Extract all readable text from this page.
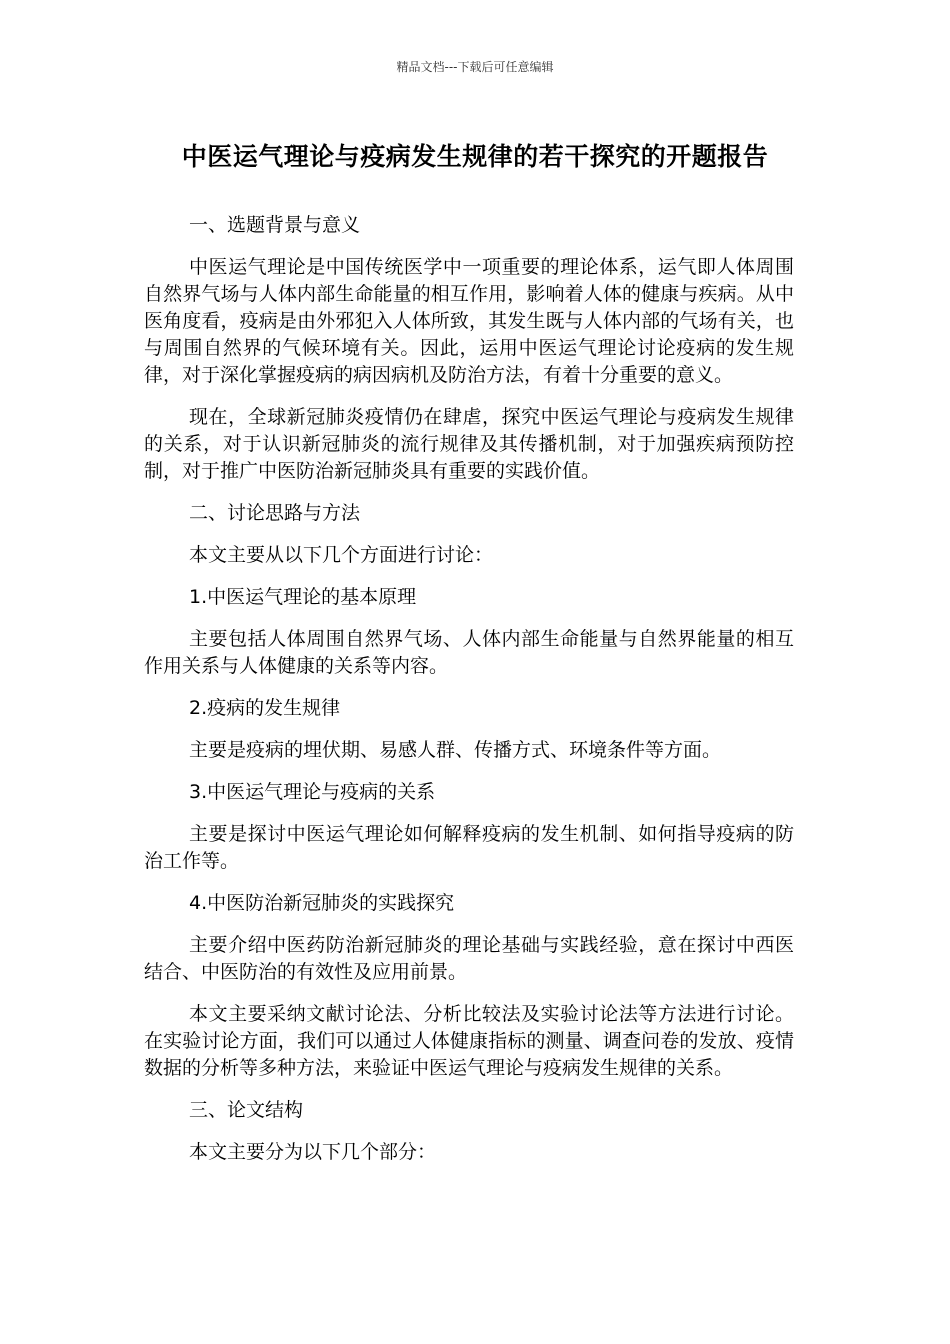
精品文档---下载后可任意编辑
中医运气理论与疫病发生规律的若干探究的开题报告

一、选题背景与意义

中医运气理论是中国传统医学中一项重要的理论体系，运气即人体周围自然界气场与人体内部生命能量的相互作用，影响着人体的健康与疾病。从中医角度看，疫病是由外邪犯入人体所致，其发生既与人体内部的气场有关，也与周围自然界的气候环境有关。因此，运用中医运气理论讨论疫病的发生规律，对于深化掌握疫病的病因病机及防治方法，有着十分重要的意义。

现在，全球新冠肺炎疫情仍在肆虐，探究中医运气理论与疫病发生规律的关系，对于认识新冠肺炎的流行规律及其传播机制，对于加强疾病预防控制，对于推广中医防治新冠肺炎具有重要的实践价值。

二、讨论思路与方法

本文主要从以下几个方面进行讨论：

1.中医运气理论的基本原理

主要包括人体周围自然界气场、人体内部生命能量与自然界能量的相互作用关系与人体健康的关系等内容。

2.疫病的发生规律

主要是疫病的埋伏期、易感人群、传播方式、环境条件等方面。

3.中医运气理论与疫病的关系

主要是探讨中医运气理论如何解释疫病的发生机制、如何指导疫病的防治工作等。

4.中医防治新冠肺炎的实践探究

主要介绍中医药防治新冠肺炎的理论基础与实践经验，意在探讨中西医结合、中医防治的有效性及应用前景。

本文主要采纳文献讨论法、分析比较法及实验讨论法等方法进行讨论。在实验讨论方面，我们可以通过人体健康指标的测量、调查问卷的发放、疫情数据的分析等多种方法，来验证中医运气理论与疫病发生规律的关系。

三、论文结构

本文主要分为以下几个部分：
